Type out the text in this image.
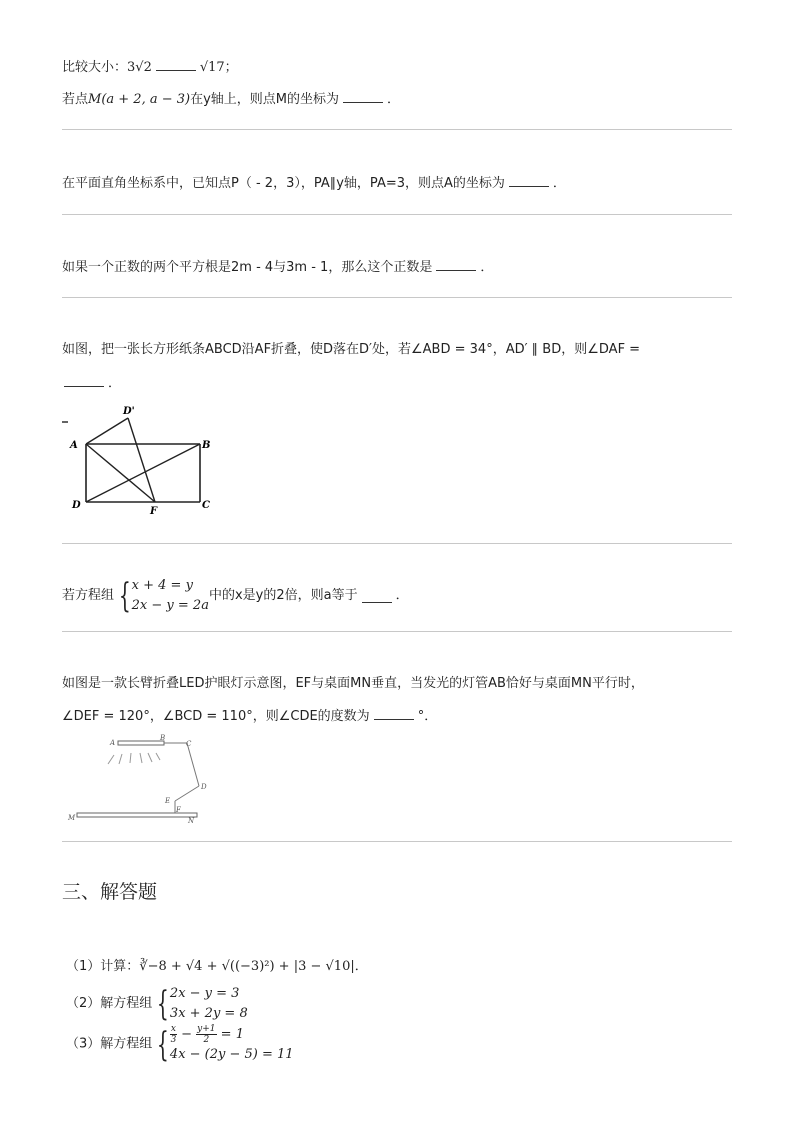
比较大小：3√2	√17；
若点M(a + 2, a − 3)在y轴上，则点M的坐标为	．
在平面直角坐标系中，已知点P（ - 2，3），PA∥y轴，PA=3，则点A的坐标为	．
如果一个正数的两个平方根是2m - 4与3m - 1，那么这个正数是	．
如图，把一张长方形纸条ABCD沿AF折叠，使D落在D′处，若∠ABD = 34°，AD′ ∥ BD，则∠DAF =
．
A	B
C
D
F
D'
若方程组 { x + 4 = y
2x − y = 2a
中的x是y的2倍，则a等于	．
如图是一款长臂折叠LED护眼灯示意图，EF与桌面MN垂直，当发光的灯管AB恰好与桌面MN平行时，
∠DEF = 120°，∠BCD = 110°，则∠CDE的度数为	°．
A
B
C
D
E
F
M	N
三、解答题
（1）计算：∛−8 + √4 + √((−3)²) + |3 − √10|．
（2）解方程组 { 2x − y = 3
3x + 2y = 8
（3）解方程组 { $\frac{x}{3} - \frac{y+1}{2} = 1$
4x − (2y − 5) = 11
